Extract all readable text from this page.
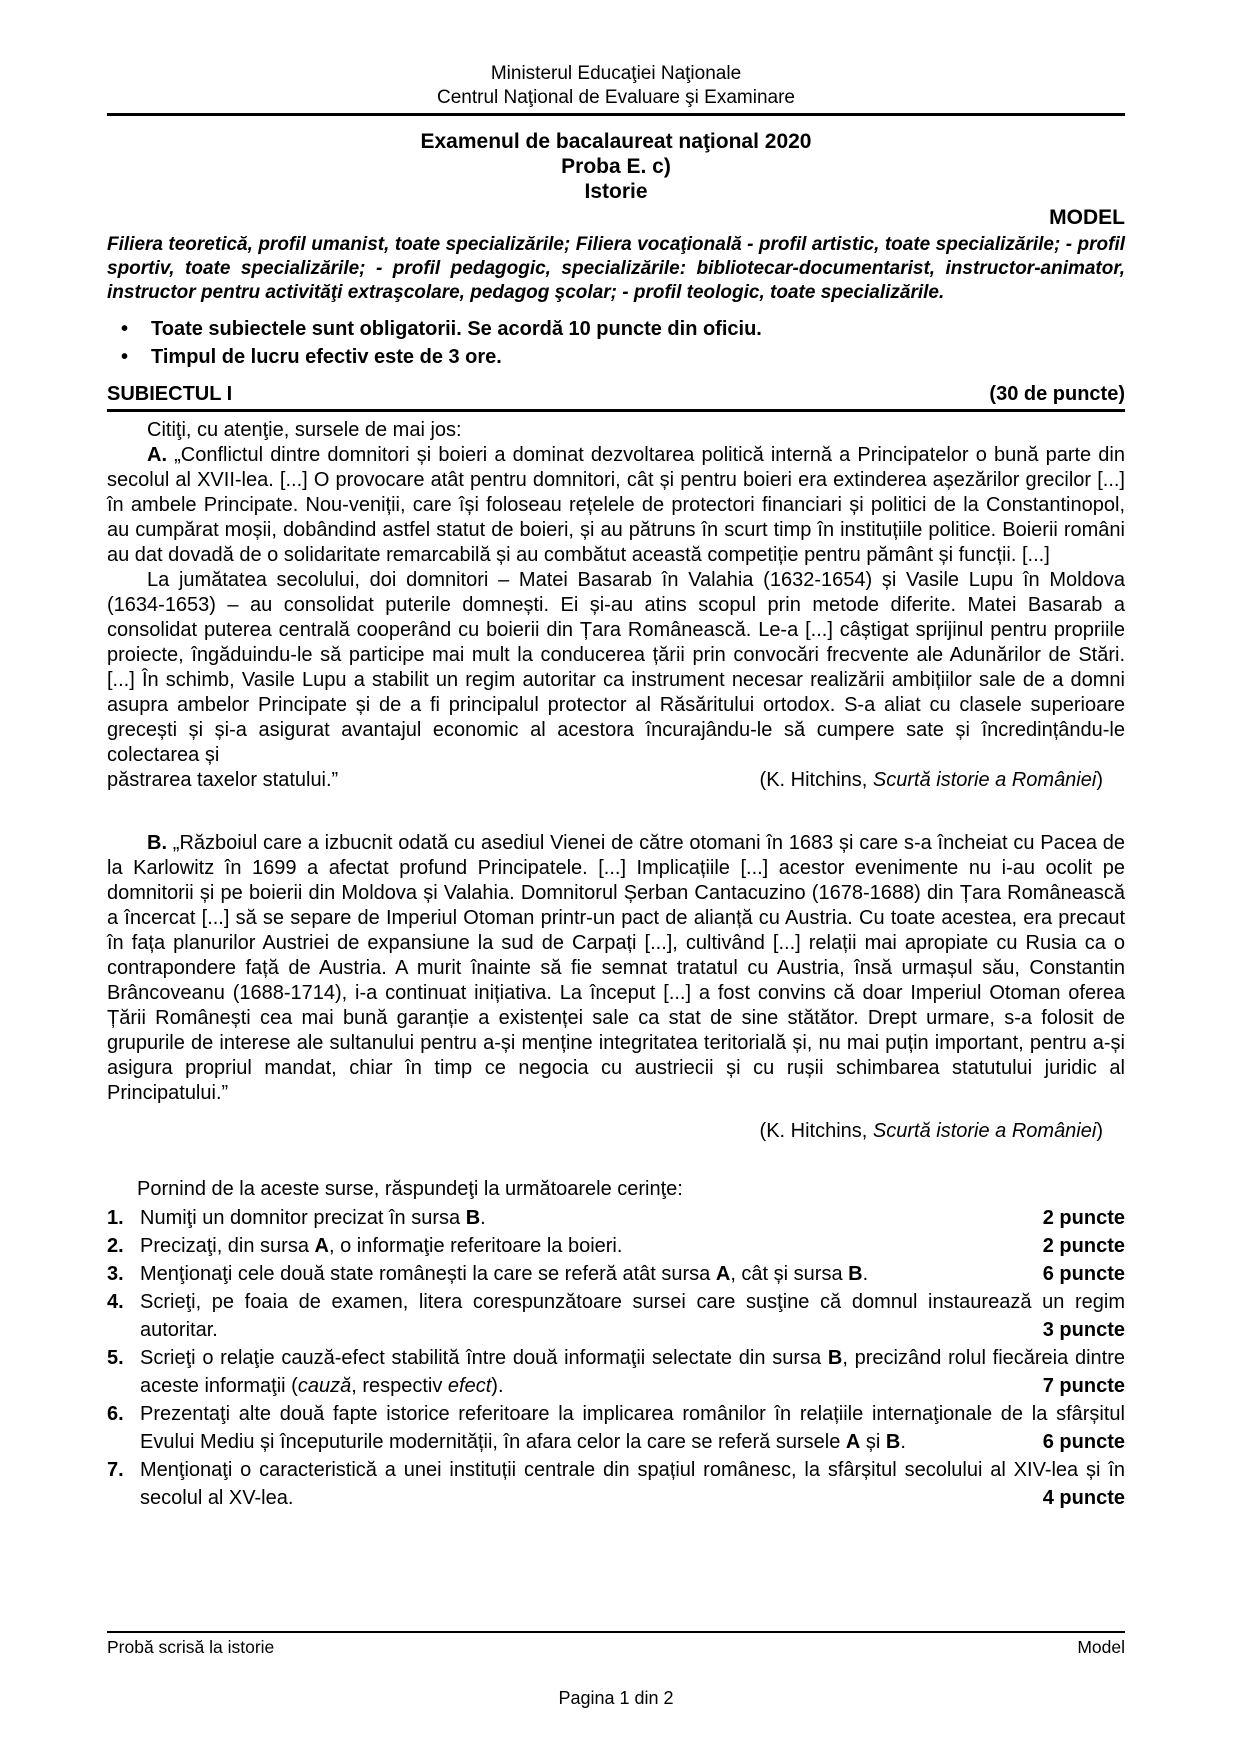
Ministerul Educaţiei Naţionale
Centrul Naţional de Evaluare şi Examinare
Examenul de bacalaureat naţional 2020
Proba E. c)
Istorie
MODEL
Filiera teoretică, profil umanist, toate specializările; Filiera vocaţională - profil artistic, toate specializările; - profil sportiv, toate specializările; - profil pedagogic, specializările: bibliotecar-documentarist, instructor-animator, instructor pentru activităţi extraşcolare, pedagog şcolar; - profil teologic, toate specializările.
•	Toate subiectele sunt obligatorii. Se acordă 10 puncte din oficiu.
•	Timpul de lucru efectiv este de 3 ore.
SUBIECTUL I	(30 de puncte)
Citiţi, cu atenţie, sursele de mai jos:
A. „Conflictul dintre domnitori și boieri a dominat dezvoltarea politică internă a Principatelor o bună parte din secolul al XVII-lea. [...] O provocare atât pentru domnitori, cât și pentru boieri era extinderea așezărilor grecilor [...] în ambele Principate. Nou-veniții, care își foloseau rețelele de protectori financiari și politici de la Constantinopol, au cumpărat moșii, dobândind astfel statut de boieri, și au pătruns în scurt timp în instituțiile politice. Boierii români au dat dovadă de o solidaritate remarcabilă și au combătut această competiție pentru pământ și funcții. [...]
La jumătatea secolului, doi domnitori – Matei Basarab în Valahia (1632-1654) și Vasile Lupu în Moldova (1634-1653) – au consolidat puterile domnești. Ei și-au atins scopul prin metode diferite. Matei Basarab a consolidat puterea centrală cooperând cu boierii din Țara Românească. Le-a [...] câștigat sprijinul pentru propriile proiecte, îngăduindu-le să participe mai mult la conducerea țării prin convocări frecvente ale Adunărilor de Stări. [...] În schimb, Vasile Lupu a stabilit un regim autoritar ca instrument necesar realizării ambițiilor sale de a domni asupra ambelor Principate și de a fi principalul protector al Răsăritului ortodox. S-a aliat cu clasele superioare grecești și și-a asigurat avantajul economic al acestora încurajându-le să cumpere sate și încredințându-le colectarea și
păstrarea taxelor statului.”	(K. Hitchins, Scurtă istorie a României)
B. „Războiul care a izbucnit odată cu asediul Vienei de către otomani în 1683 și care s-a încheiat cu Pacea de la Karlowitz în 1699 a afectat profund Principatele. [...] Implicațiile [...] acestor evenimente nu i-au ocolit pe domnitorii și pe boierii din Moldova și Valahia. Domnitorul Șerban Cantacuzino (1678-1688) din Țara Românească a încercat [...] să se separe de Imperiul Otoman printr-un pact de alianță cu Austria. Cu toate acestea, era precaut în fața planurilor Austriei de expansiune la sud de Carpați [...], cultivând [...] relații mai apropiate cu Rusia ca o contrapondere față de Austria. A murit înainte să fie semnat tratatul cu Austria, însă urmașul său, Constantin Brâncoveanu (1688-1714), i-a continuat inițiativa. La început [...] a fost convins că doar Imperiul Otoman oferea Țării Românești cea mai bună garanție a existenței sale ca stat de sine stătător. Drept urmare, s-a folosit de grupurile de interese ale sultanului pentru a-și menține integritatea teritorială și, nu mai puțin important, pentru a-și asigura propriul mandat, chiar în timp ce negocia cu austriecii și cu rușii schimbarea statutului juridic al Principatului.”
(K. Hitchins, Scurtă istorie a României)
Pornind de la aceste surse, răspundeţi la următoarele cerinţe:
1. Numiţi un domnitor precizat în sursa B.	2 puncte
2. Precizaţi, din sursa A, o informaţie referitoare la boieri.	2 puncte
3. Menţionaţi cele două state românești la care se referă atât sursa A, cât și sursa B.	6 puncte
4. Scrieţi, pe foaia de examen, litera corespunzătoare sursei care susţine că domnul instaurează un regim autoritar.	3 puncte
5. Scrieţi o relaţie cauză-efect stabilită între două informaţii selectate din sursa B, precizând rolul fiecăreia dintre aceste informaţii (cauză, respectiv efect).	7 puncte
6. Prezentaţi alte două fapte istorice referitoare la implicarea românilor în relațiile internaţionale de la sfârșitul Evului Mediu și începuturile modernității, în afara celor la care se referă sursele A și B.	6 puncte
7. Menţionaţi o caracteristică a unei instituții centrale din spațiul românesc, la sfârșitul secolului al XIV-lea și în secolul al XV-lea.	4 puncte
Probă scrisă la istorie	Model
Pagina 1 din 2
